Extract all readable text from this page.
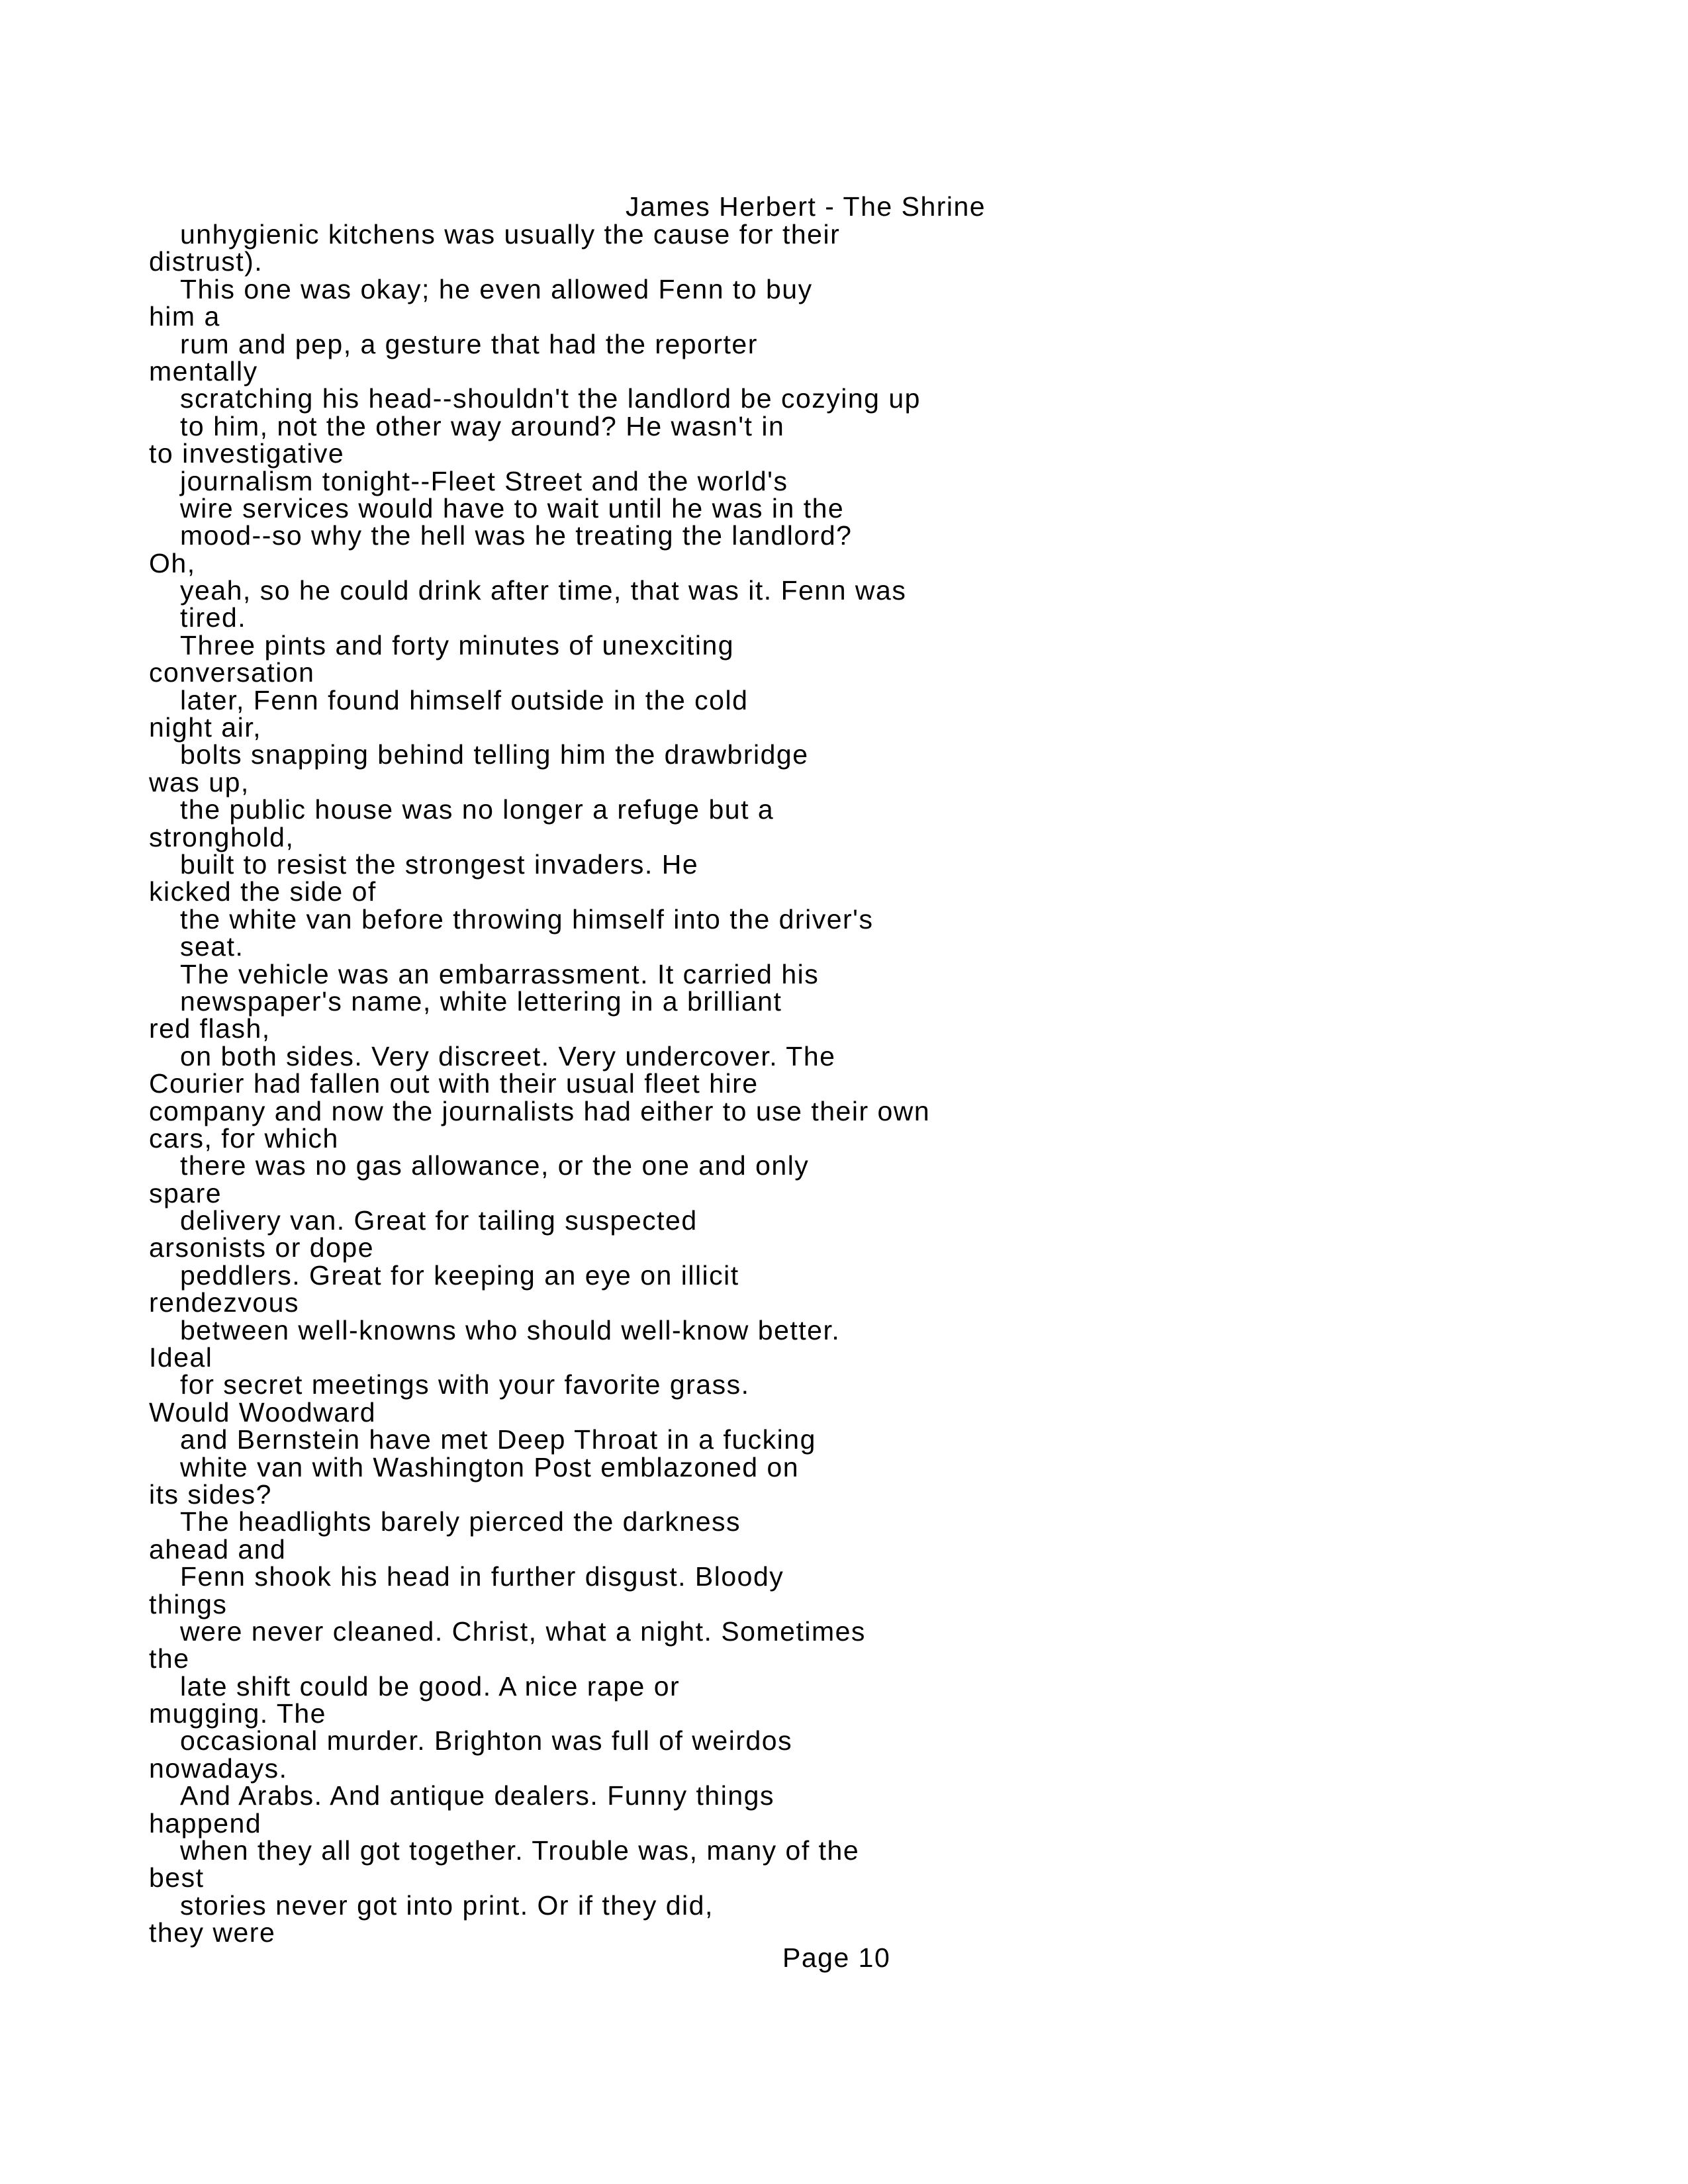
James Herbert - The Shrine
unhygienic kitchens was usually the cause for their
distrust).
This one was okay; he even allowed Fenn to buy
him a
rum and pep, a gesture that had the reporter
mentally
scratching his head--shouldn't the landlord be cozying up
to him, not the other way around? He wasn't in
to investigative
journalism tonight--Fleet Street and the world's
wire services would have to wait until he was in the
mood--so why the hell was he treating the landlord?
Oh,
yeah, so he could drink after time, that was it. Fenn was
tired.
Three pints and forty minutes of unexciting
conversation
later, Fenn found himself outside in the cold
night air,
bolts snapping behind telling him the drawbridge
was up,
the public house was no longer a refuge but a
stronghold,
built to resist the strongest invaders. He
kicked the side of
the white van before throwing himself into the driver's
seat.
The vehicle was an embarrassment. It carried his
newspaper's name, white lettering in a brilliant
red flash,
on both sides. Very discreet. Very undercover. The
Courier had fallen out with their usual fleet hire
company and now the journalists had either to use their own
cars, for which
there was no gas allowance, or the one and only
spare
delivery van. Great for tailing suspected
arsonists or dope
peddlers. Great for keeping an eye on illicit
rendezvous
between well-knowns who should well-know better.
Ideal
for secret meetings with your favorite grass.
Would Woodward
and Bernstein have met Deep Throat in a fucking
white van with Washington Post emblazoned on
its sides?
The headlights barely pierced the darkness
ahead and
Fenn shook his head in further disgust. Bloody
things
were never cleaned. Christ, what a night. Sometimes
the
late shift could be good. A nice rape or
mugging. The
occasional murder. Brighton was full of weirdos
nowadays.
And Arabs. And antique dealers. Funny things
happend
when they all got together. Trouble was, many of the
best
stories never got into print. Or if they did,
they were
Page 10
